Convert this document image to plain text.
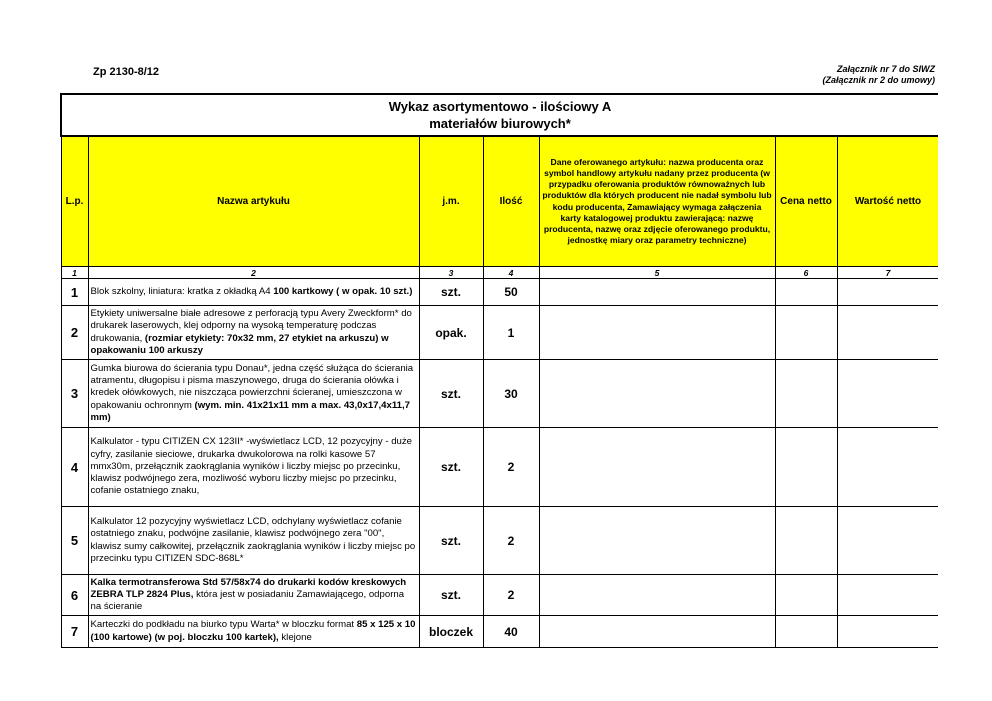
Zp 2130-8/12	Załącznik nr 7 do SIWZ
(Załącznik nr 2 do umowy)
Wykaz asortymentowo - ilościowy A
materiałów biurowych*						

L.p.	Nazwa artykułu	j.m.	Ilość	Dane oferowanego artykułu: nazwa producenta oraz symbol handlowy artykułu nadany przez producenta (w przypadku oferowania produktów równoważnych lub produktów dla których producent nie nadał symbolu lub kodu producenta, Zamawiający wymaga załączenia karty katalogowej produktu zawierającą: nazwę producenta, nazwę oraz zdjęcie oferowanego produktu, jednostkę miary oraz parametry techniczne)	Cena netto	Wartość netto
1	2	3	4	5	6	7
1	Blok szkolny, liniatura: kratka z okładką A4 100 kartkowy ( w opak. 10 szt.)	szt.	50			
2	Etykiety uniwersalne białe adresowe z perforacją typu Avery Zweckform* do drukarek laserowych, klej odporny na wysoką temperaturę podczas drukowania, (rozmiar etykiety: 70x32 mm, 27 etykiet na arkuszu) w opakowaniu 100 arkuszy	opak.	1			
3	Gumka biurowa do ścierania typu Donau*, jedna część służąca do ścierania atramentu, długopisu i pisma maszynowego, druga do ścierania ołówka i kredek ołówkowych, nie niszcząca powierzchni ścieranej, umieszczona w opakowaniu ochronnym (wym. min. 41x21x11 mm a max. 43,0x17,4x11,7 mm)	szt.	30			
4	Kalkulator - typu CITIZEN CX 123II* -wyświetlacz LCD, 12 pozycyjny - duże cyfry, zasilanie sieciowe, drukarka dwukolorowa na rolki kasowe 57 mmx30m, przełącznik zaokrąglania wyników i liczby miejsc po przecinku, klawisz podwójnego zera, mozliwość wyboru liczby miejsc po przecinku, cofanie ostatniego znaku,	szt.	2			
5	Kalkulator 12 pozycyjny wyświetlacz LCD, odchylany wyświetlacz cofanie ostatniego znaku, podwójne zasilanie, klawisz podwójnego zera "00", klawisz sumy całkowitej, przełącznik zaokrąglania wyników i liczby miejsc po przecinku typu CITIZEN SDC-868L*	szt.	2			
6	Kalka termotransferowa Std 57/58x74 do drukarki kodów kreskowych ZEBRA TLP 2824 Plus, która jest w posiadaniu Zamawiającego, odporna na ścieranie	szt.	2			
7	Karteczki do podkładu na biurko typu Warta* w bloczku format 85 x 125 x 10 (100 kartowe) (w poj. bloczku 100 kartek), klejone	bloczek	40			
